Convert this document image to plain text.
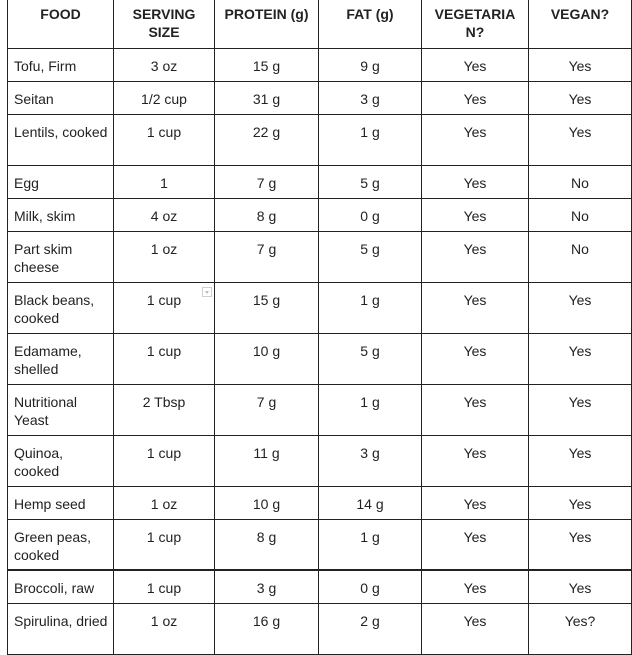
FOOD	SERVING SIZE	PROTEIN (g)	FAT (g)	VEGETARIAN?	VEGAN?
Tofu, Firm	3 oz	15 g	9 g	Yes	Yes
Seitan	1/2 cup	31 g	3 g	Yes	Yes
Lentils, cooked	1 cup	22 g	1 g	Yes	Yes
Egg	1	7 g	5 g	Yes	No
Milk, skim	4 oz	8 g	0 g	Yes	No
Part skim cheese	1 oz	7 g	5 g	Yes	No
Black beans, cooked	1 cup	15 g	1 g	Yes	Yes
Edamame, shelled	1 cup	10 g	5 g	Yes	Yes
Nutritional Yeast	2 Tbsp	7 g	1 g	Yes	Yes
Quinoa, cooked	1 cup	11 g	3 g	Yes	Yes
Hemp seed	1 oz	10 g	14 g	Yes	Yes
Green peas, cooked	1 cup	8 g	1 g	Yes	Yes
Broccoli, raw	1 cup	3 g	0 g	Yes	Yes
Spirulina, dried	1 oz	16 g	2 g	Yes	Yes?
